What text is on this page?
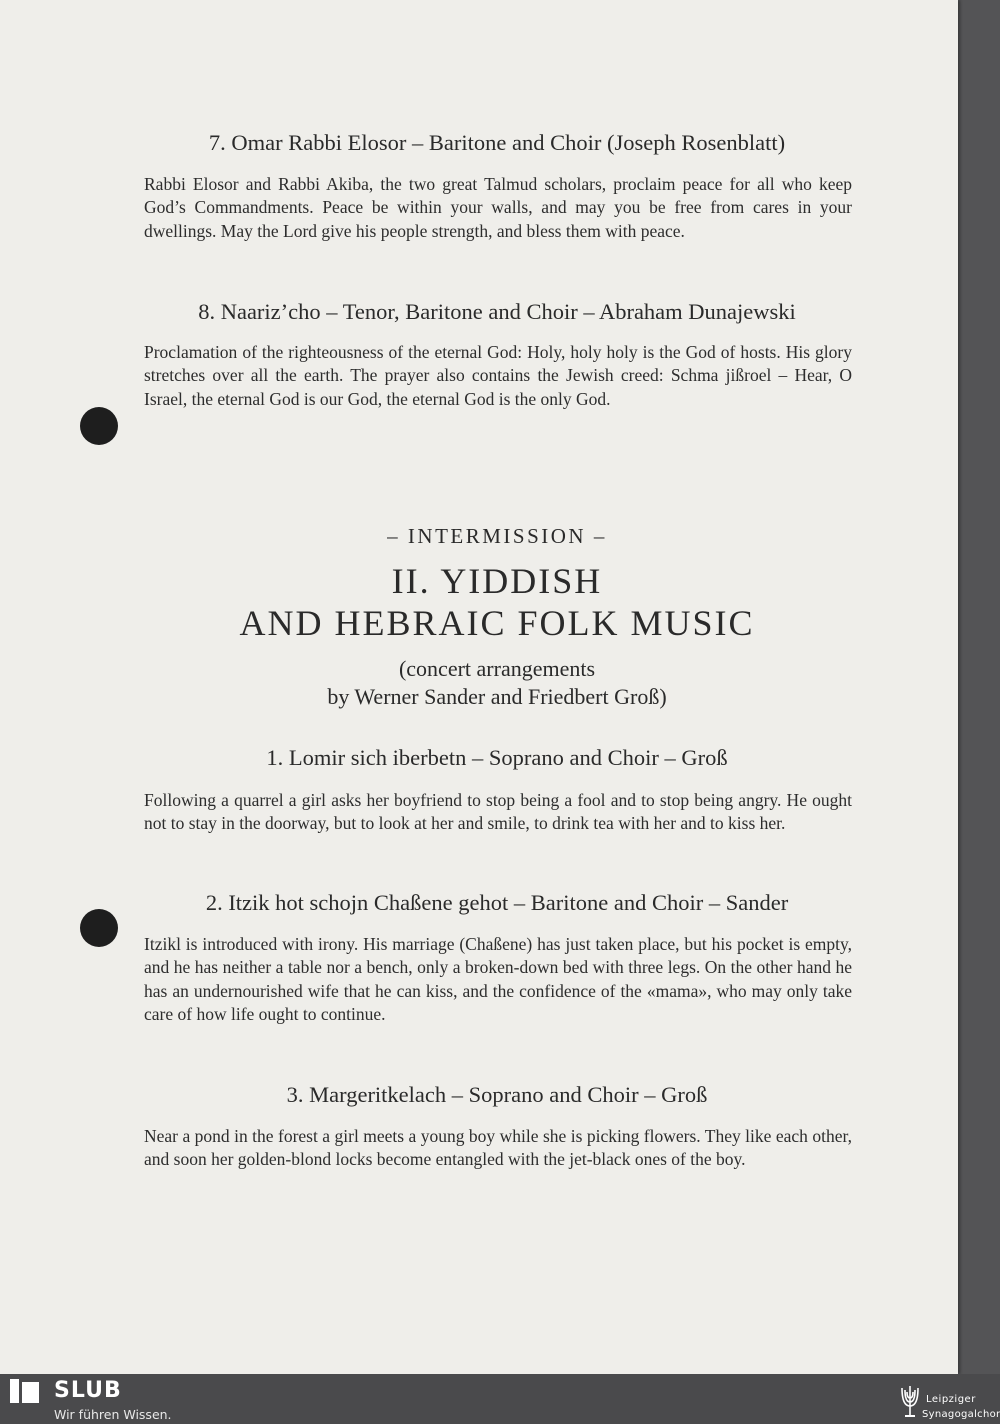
7. Omar Rabbi Elosor – Baritone and Choir (Joseph Rosenblatt)
Rabbi Elosor and Rabbi Akiba, the two great Talmud scholars, proclaim peace for all who keep God’s Commandments. Peace be within your walls, and may you be free from cares in your dwellings. May the Lord give his people strength, and bless them with peace.
8. Naariz’cho – Tenor, Baritone and Choir – Abraham Dunajewski
Proclamation of the righteousness of the eternal God: Holy, holy holy is the God of hosts. His glory stretches over all the earth. The prayer also contains the Jewish creed: Schma jißroel – Hear, O Israel, the eternal God is our God, the eternal God is the only God.
– INTERMISSION –
II. YIDDISH
AND HEBRAIC FOLK MUSIC
(concert arrangements
by Werner Sander and Friedbert Groß)
1. Lomir sich iberbetn – Soprano and Choir – Groß
Following a quarrel a girl asks her boyfriend to stop being a fool and to stop being angry. He ought not to stay in the doorway, but to look at her and smile, to drink tea with her and to kiss her.
2. Itzik hot schojn Chaßene gehot – Baritone and Choir – Sander
Itzikl is introduced with irony. His marriage (Chaßene) has just taken place, but his pocket is empty, and he has neither a table nor a bench, only a broken-down bed with three legs. On the other hand he has an undernourished wife that he can kiss, and the confidence of the «mama», who may only take care of how life ought to continue.
3. Margeritkelach – Soprano and Choir – Groß
Near a pond in the forest a girl meets a young boy while she is picking flowers. They like each other, and soon her golden-blond locks become entangled with the jet-black ones of the boy.
SLUB
Wir führen Wissen.
Leipziger
Synagogalchor
